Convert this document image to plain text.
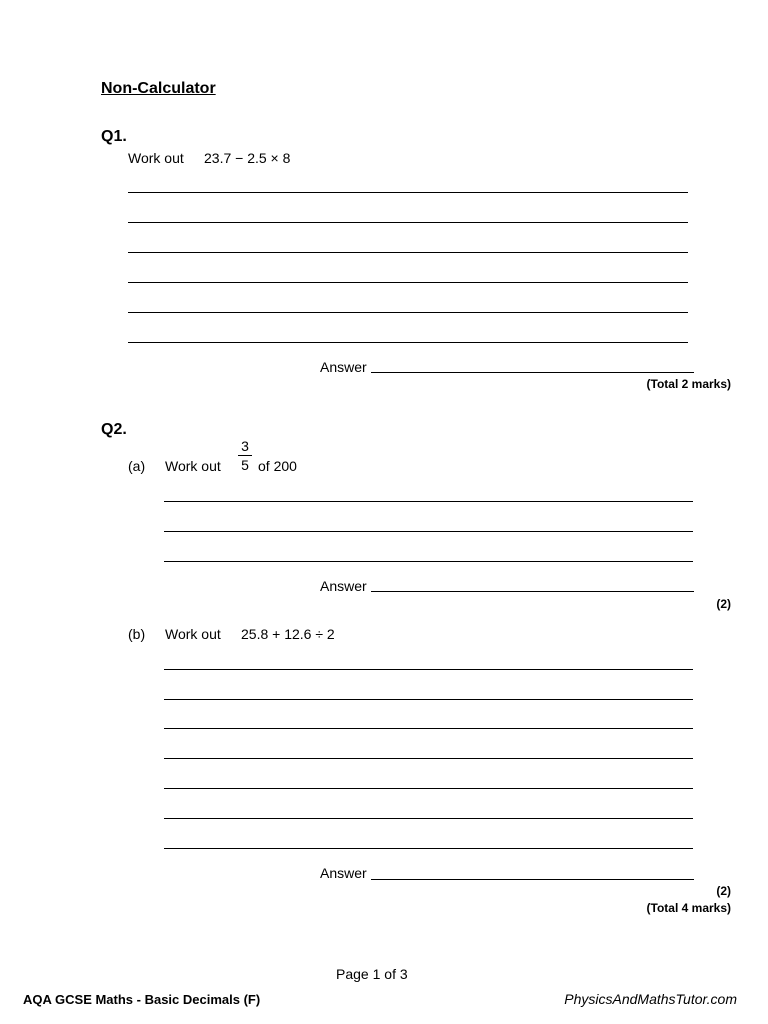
Non-Calculator
Q1.
Work out 23.7 − 2.5 × 8
Answer
(Total 2 marks)
Q2.
(a) Work out
3
5 of 200
Answer
(2)
(b) Work out 25.8 + 12.6 ÷ 2
Answer
(2)
(Total 4 marks)
Page 1 of 3
AQA GCSE Maths - Basic Decimals (F)	PhysicsAndMathsTutor.com
